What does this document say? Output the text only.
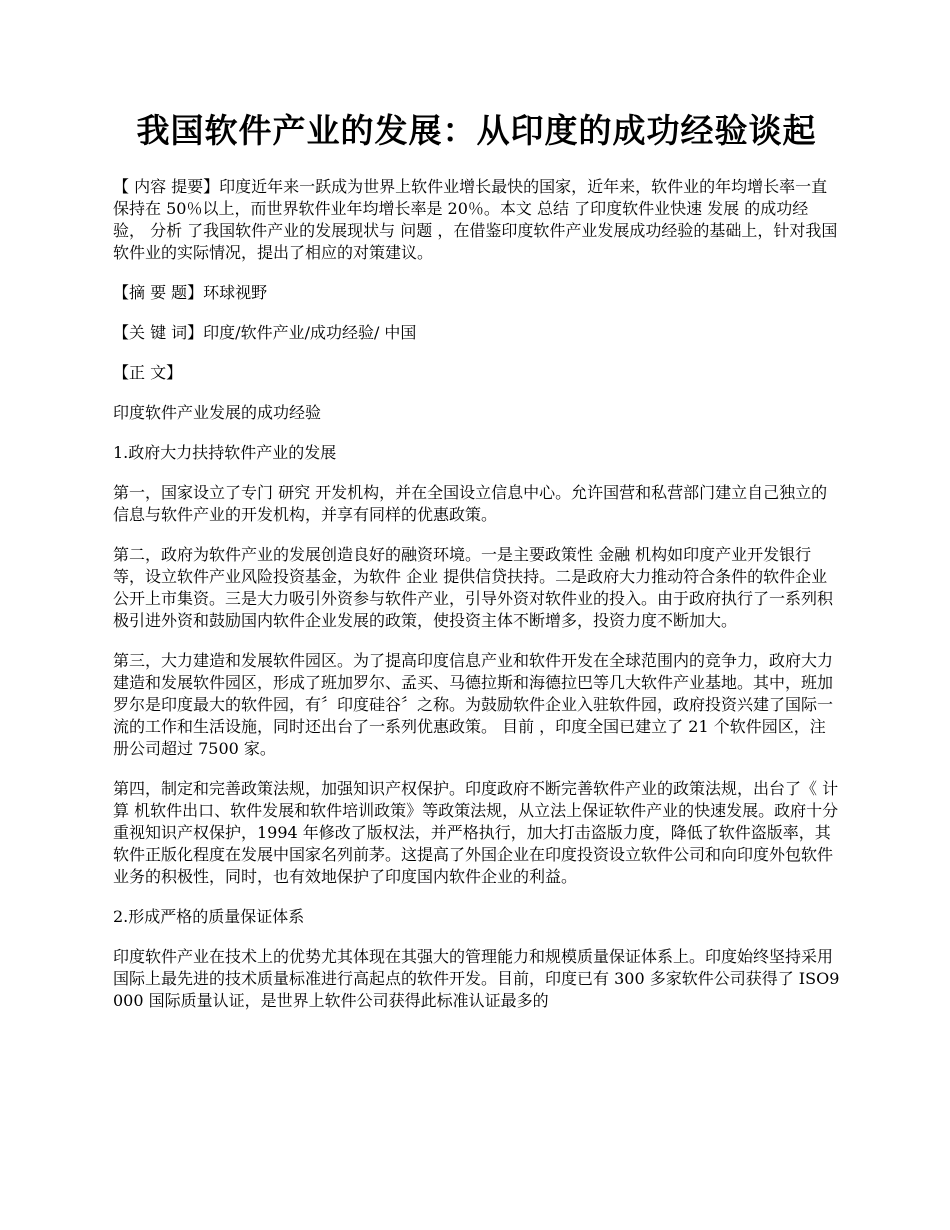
我国软件产业的发展：从印度的成功经验谈起

【 内容 提要】印度近年来一跃成为世界上软件业增长最快的国家，近年来，软件业的年均增长率一直保持在 50％以上，而世界软件业年均增长率是 20％。本文 总结 了印度软件业快速 发展 的成功经验， 分析 了我国软件产业的发展现状与 问题 ，在借鉴印度软件产业发展成功经验的基础上，针对我国软件业的实际情况，提出了相应的对策建议。

【摘 要 题】环球视野

【关 键 词】印度/软件产业/成功经验/ 中国

【正 文】

印度软件产业发展的成功经验

1.政府大力扶持软件产业的发展

第一，国家设立了专门 研究 开发机构，并在全国设立信息中心。允许国营和私营部门建立自己独立的信息与软件产业的开发机构，并享有同样的优惠政策。

第二，政府为软件产业的发展创造良好的融资环境。一是主要政策性 金融 机构如印度产业开发银行等，设立软件产业风险投资基金，为软件 企业 提供信贷扶持。二是政府大力推动符合条件的软件企业公开上市集资。三是大力吸引外资参与软件产业，引导外资对软件业的投入。由于政府执行了一系列积极引进外资和鼓励国内软件企业发展的政策，使投资主体不断增多，投资力度不断加大。

第三，大力建造和发展软件园区。为了提高印度信息产业和软件开发在全球范围内的竞争力，政府大力建造和发展软件园区，形成了班加罗尔、孟买、马德拉斯和海德拉巴等几大软件产业基地。其中，班加罗尔是印度最大的软件园，有〞印度硅谷〞之称。为鼓励软件企业入驻软件园，政府投资兴建了国际一流的工作和生活设施，同时还出台了一系列优惠政策。 目前 ，印度全国已建立了 21 个软件园区，注册公司超过 7500 家。

第四，制定和完善政策法规，加强知识产权保护。印度政府不断完善软件产业的政策法规，出台了《 计算 机软件出口、软件发展和软件培训政策》等政策法规，从立法上保证软件产业的快速发展。政府十分重视知识产权保护，1994 年修改了版权法，并严格执行，加大打击盗版力度，降低了软件盗版率，其软件正版化程度在发展中国家名列前茅。这提高了外国企业在印度投资设立软件公司和向印度外包软件业务的积极性，同时，也有效地保护了印度国内软件企业的利益。

2.形成严格的质量保证体系

印度软件产业在技术上的优势尤其体现在其强大的管理能力和规模质量保证体系上。印度始终坚持采用国际上最先进的技术质量标准进行高起点的软件开发。目前，印度已有 300 多家软件公司获得了 ISO9000 国际质量认证，是世界上软件公司获得此标准认证最多的
